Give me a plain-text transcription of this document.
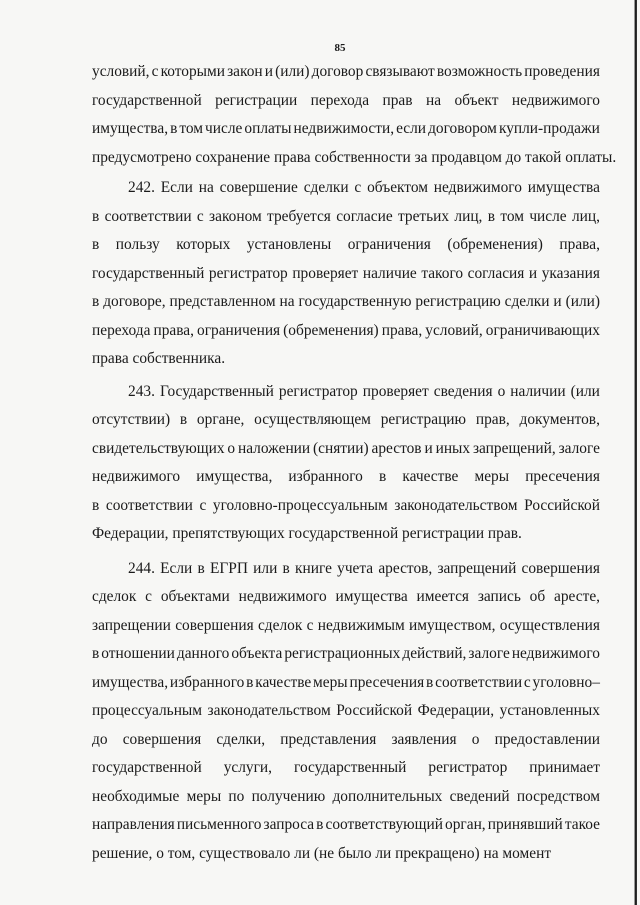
85
условий, с которыми закон и (или) договор связывают возможность проведения
государственной регистрации перехода прав на объект недвижимого
имущества, в том числе оплаты недвижимости, если договором купли-продажи
предусмотрено сохранение права собственности за продавцом до такой оплаты.
242. Если на совершение сделки с объектом недвижимого имущества
в соответствии с законом требуется согласие третьих лиц, в том числе лиц,
в пользу которых установлены ограничения (обременения) права,
государственный регистратор проверяет наличие такого согласия и указания
в договоре, представленном на государственную регистрацию сделки и (или)
перехода права, ограничения (обременения) права, условий, ограничивающих
права собственника.
243. Государственный регистратор проверяет сведения о наличии (или
отсутствии) в органе, осуществляющем регистрацию прав, документов,
свидетельствующих о наложении (снятии) арестов и иных запрещений, залоге
недвижимого имущества, избранного в качестве меры пресечения
в соответствии с уголовно-процессуальным законодательством Российской
Федерации, препятствующих государственной регистрации прав.
244. Если в ЕГРП или в книге учета арестов, запрещений совершения
сделок с объектами недвижимого имущества имеется запись об аресте,
запрещении совершения сделок с недвижимым имуществом, осуществления
в отношении данного объекта регистрационных действий, залоге недвижимого
имущества, избранного в качестве меры пресечения в соответствии с уголовно–
процессуальным законодательством Российской Федерации, установленных
до совершения сделки, представления заявления о предоставлении
государственной услуги, государственный регистратор принимает
необходимые меры по получению дополнительных сведений посредством
направления письменного запроса в соответствующий орган, принявший такое
решение, о том, существовало ли (не было ли прекращено) на момент
